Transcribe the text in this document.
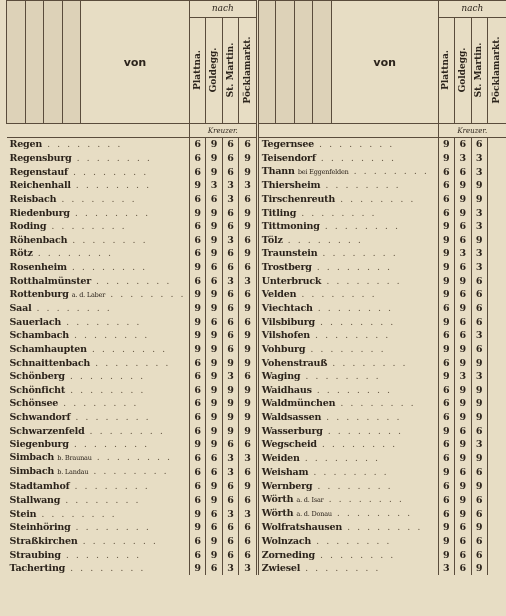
				von	nach								von	nach			

					Plattna.	Goldegg.	St. Martin.	Pöcklamarkt.						Plattna.	Goldegg.	St. Martin.	Pöcklamarkt.

					Kreuzer.									Kreuzer.			
Regen . . . . . . . .					6	9	6	6	Tegernsee . . . . . . . .					9	6	6	
Regensburg . . . . . . . .					6	9	6	9	Teisendorf . . . . . . . .					9	3	3	
Regenstauf . . . . . . . .					6	9	6	9	Thann bei Eggenfelden . . . . . . . .					6	6	3	
Reichenhall . . . . . . . .					9	3	3	3	Thiersheim . . . . . . . .					6	9	9	
Reisbach . . . . . . . .					6	6	3	6	Tirschenreuth . . . . . . . .					6	9	9	
Riedenburg . . . . . . . .					9	9	6	9	Titling . . . . . . . .					6	9	3	
Roding . . . . . . . .					6	9	6	9	Tittmoning . . . . . . . .					9	6	3	
Röhenbach . . . . . . . .					6	9	3	6	Tölz . . . . . . . .					9	6	9	
Rötz . . . . . . . .					6	9	6	9	Traunstein . . . . . . . .					9	3	3	
Rosenheim . . . . . . . .					9	6	6	6	Trostberg . . . . . . . .					9	6	3	
Rotthalmünster . . . . . . . .					6	6	3	3	Unterbruck . . . . . . . .					9	9	6	
Rottenburg a. d. Laber . . . . . . . .					9	9	6	6	Velden . . . . . . . .					9	6	6	
Saal . . . . . . . .					9	9	6	9	Viechtach . . . . . . . .					6	9	6	
Sauerlach . . . . . . . .					9	6	6	6	Vilsbiburg . . . . . . . .					9	6	6	
Schambach . . . . . . . .					9	9	6	9	Vilshofen . . . . . . . .					6	6	3	
Schamhaupten . . . . . . . .					9	9	6	9	Vohburg . . . . . . . .					9	9	6	
Schnaittenbach . . . . . . . .					6	9	9	9	Vohenstrauß . . . . . . . .					6	9	9	
Schönberg . . . . . . . .					6	9	3	6	Waging . . . . . . . .					9	3	3	
Schönficht . . . . . . . .					6	9	9	9	Waidhaus . . . . . . . .					6	9	9	
Schönsee . . . . . . . .					6	9	9	9	Waldmünchen . . . . . . . .					6	9	9	
Schwandorf . . . . . . . .					6	9	9	9	Waldsassen . . . . . . . .					6	9	9	
Schwarzenfeld . . . . . . . .					6	9	9	9	Wasserburg . . . . . . . .					9	6	6	
Siegenburg . . . . . . . .					9	9	6	6	Wegscheid . . . . . . . .					6	9	3	
Simbach b. Braunau . . . . . . . .					6	6	3	3	Weiden . . . . . . . .					6	9	9	
Simbach b. Landau . . . . . . . .					6	6	3	6	Weisham . . . . . . . .					9	6	6	
Stadtamhof . . . . . . . .					6	9	6	9	Wernberg . . . . . . . .					6	9	9	
Stallwang . . . . . . . .					6	9	6	6	Wörth a. d. Isar . . . . . . . .					6	9	6	
Stein . . . . . . . .					9	6	3	3	Wörth a. d. Donau . . . . . . . .					6	9	6	
Steinhöring . . . . . . . .					9	6	6	6	Wolfratshausen . . . . . . . .					9	6	9	
Straßkirchen . . . . . . . .					6	9	6	6	Wolnzach . . . . . . . .					9	6	6	
Straubing . . . . . . . .					6	9	6	6	Zorneding . . . . . . . .					9	6	6	
Tacherting . . . . . . . .					9	6	3	3	Zwiesel . . . . . . . .					3	6	9	
